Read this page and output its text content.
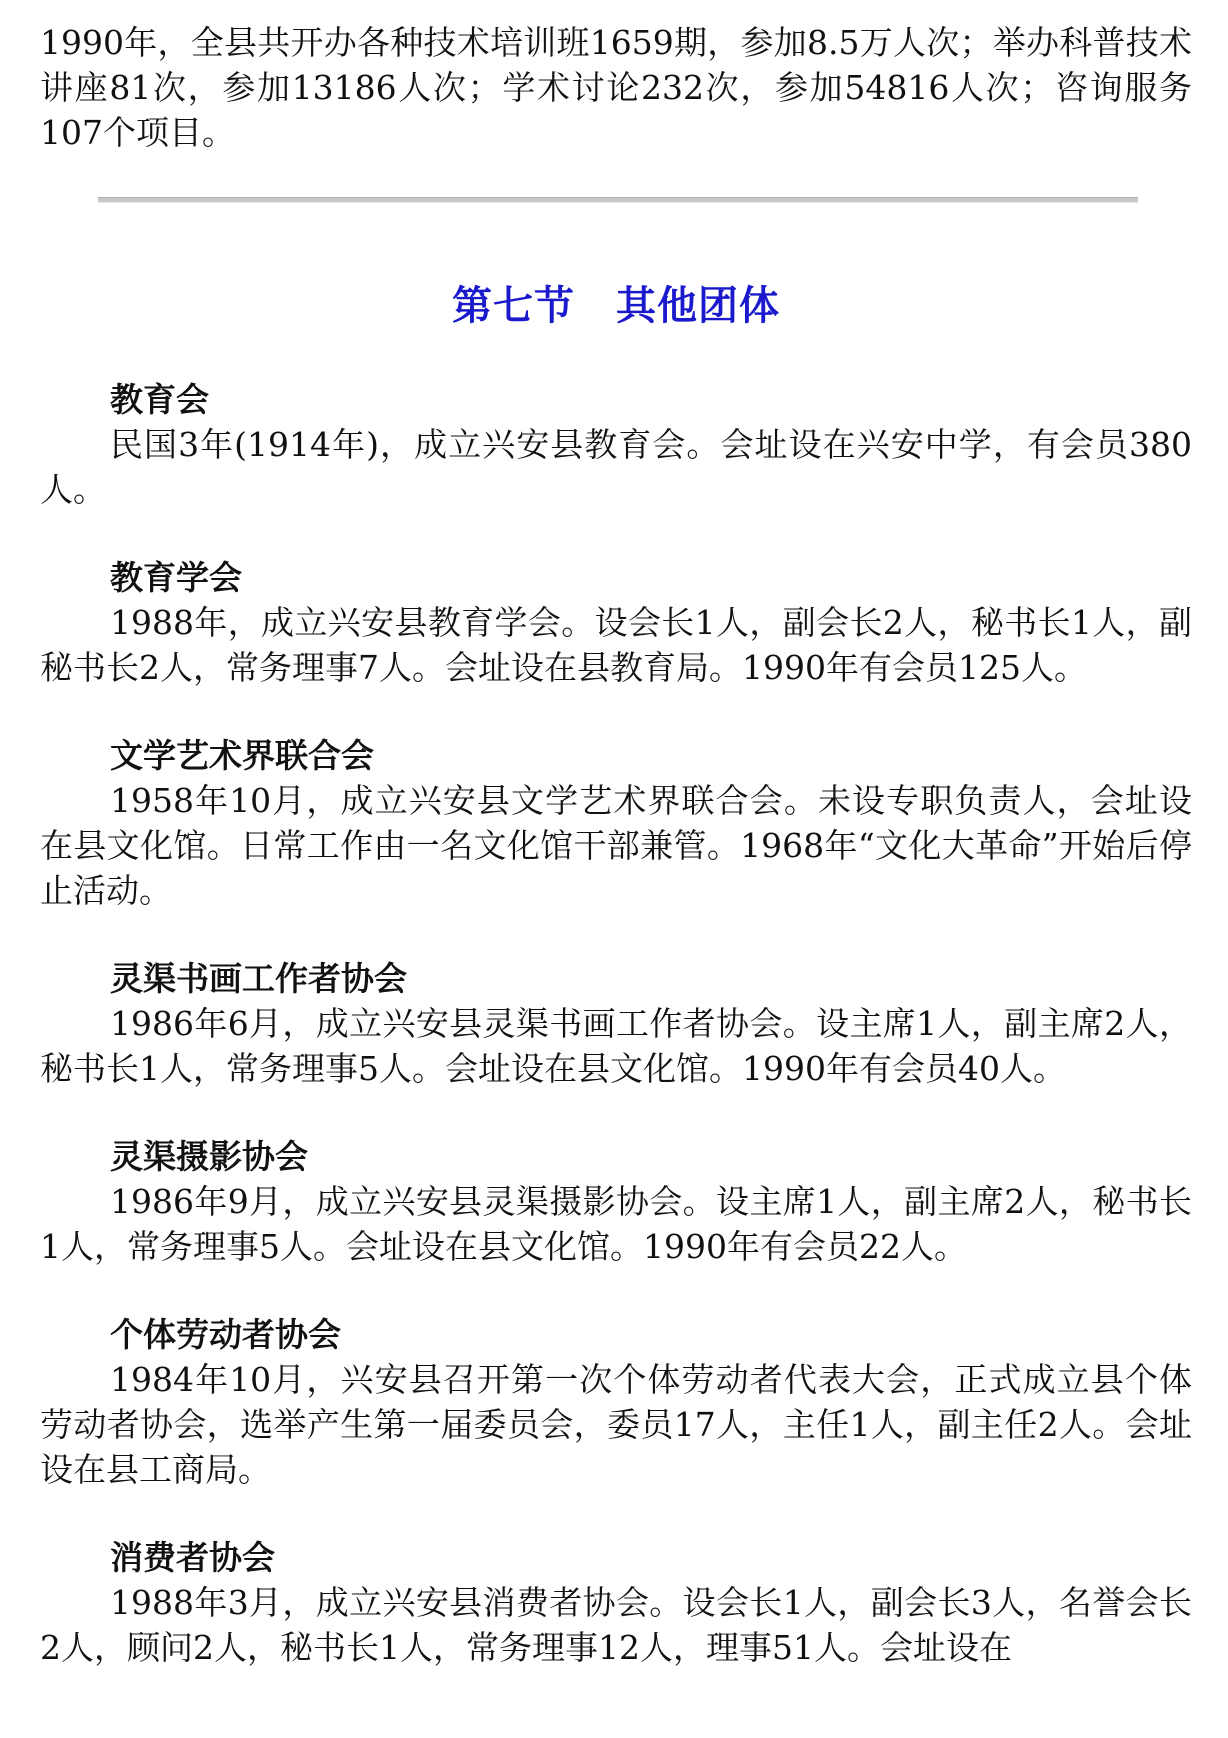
1990年，全县共开办各种技术培训班1659期，参加8.5万人次；举办科普技术讲座81次，参加13186人次；学术讨论232次，参加54816人次；咨询服务107个项目。

第七节　其他团体
教育会

民国3年(1914年)，成立兴安县教育会。会址设在兴安中学，有会员380人。

教育学会

1988年，成立兴安县教育学会。设会长1人，副会长2人，秘书长1人，副秘书长2人，常务理事7人。会址设在县教育局。1990年有会员125人。

文学艺术界联合会

1958年10月，成立兴安县文学艺术界联合会。未设专职负责人，会址设在县文化馆。日常工作由一名文化馆干部兼管。1968年“文化大革命”开始后停止活动。

灵渠书画工作者协会

1986年6月，成立兴安县灵渠书画工作者协会。设主席1人，副主席2人，秘书长1人，常务理事5人。会址设在县文化馆。1990年有会员40人。

灵渠摄影协会

1986年9月，成立兴安县灵渠摄影协会。设主席1人，副主席2人，秘书长1人，常务理事5人。会址设在县文化馆。1990年有会员22人。

个体劳动者协会

1984年10月，兴安县召开第一次个体劳动者代表大会，正式成立县个体劳动者协会，选举产生第一届委员会，委员17人，主任1人，副主任2人。会址设在县工商局。

消费者协会

1988年3月，成立兴安县消费者协会。设会长1人，副会长3人，名誉会长2人，顾问2人，秘书长1人，常务理事12人，理事51人。会址设在
